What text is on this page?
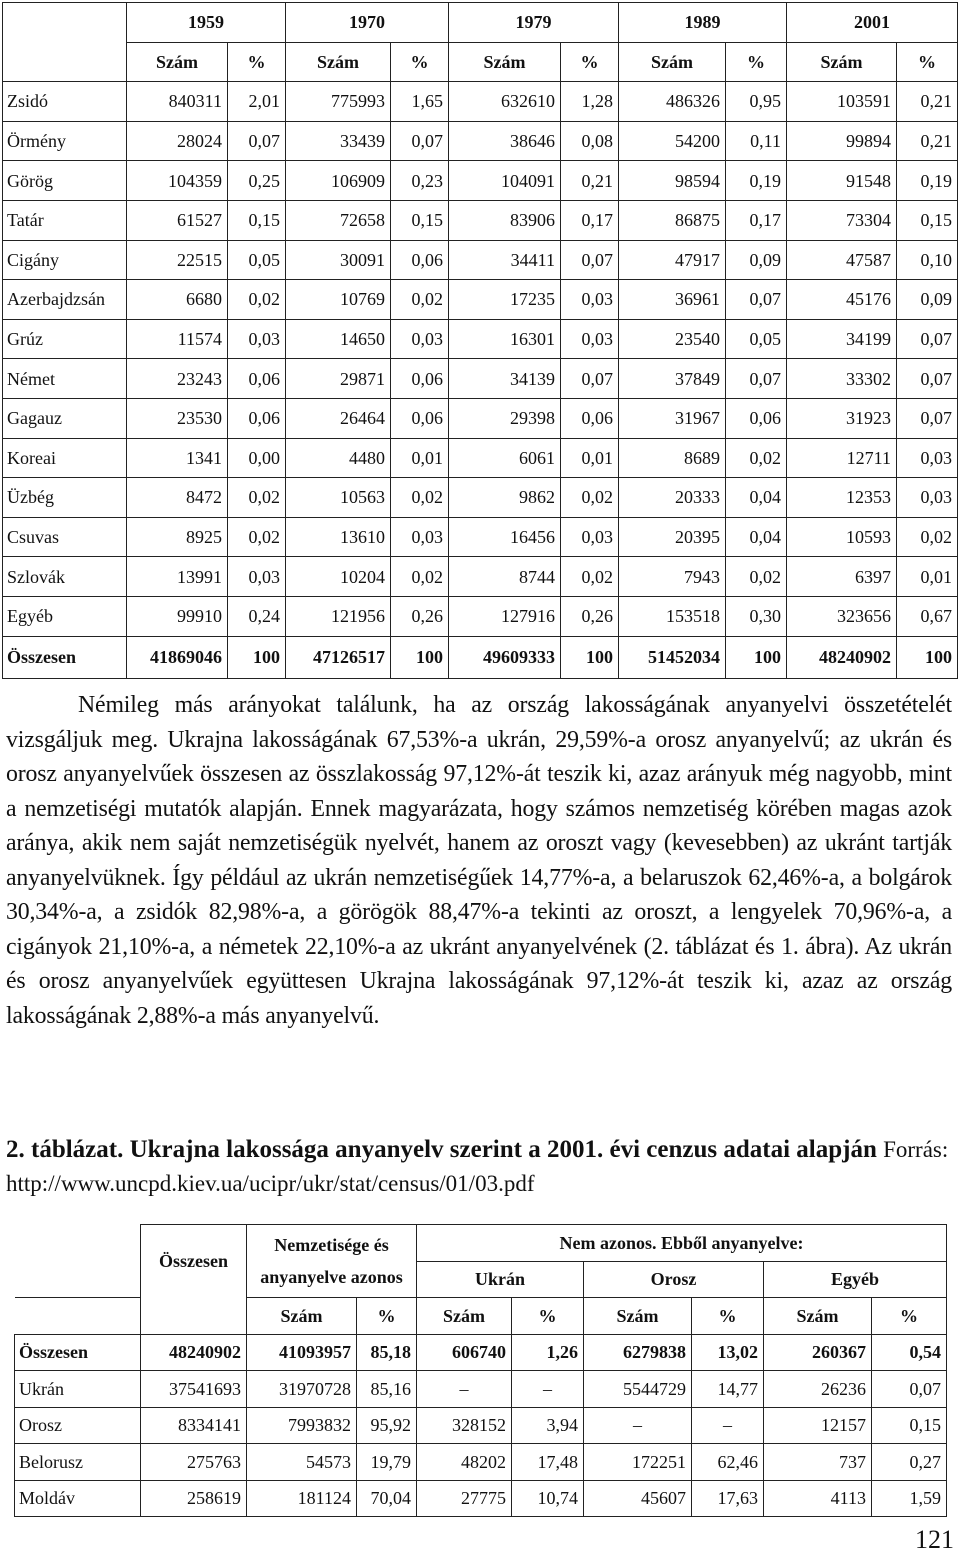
	1959		1970		1979		1989		2001	
	Szám	%	Szám	%	Szám	%	Szám	%	Szám	%
Zsidó	840311	2,01	775993	1,65	632610	1,28	486326	0,95	103591	0,21
Örmény	28024	0,07	33439	0,07	38646	0,08	54200	0,11	99894	0,21
Görög	104359	0,25	106909	0,23	104091	0,21	98594	0,19	91548	0,19
Tatár	61527	0,15	72658	0,15	83906	0,17	86875	0,17	73304	0,15
Cigány	22515	0,05	30091	0,06	34411	0,07	47917	0,09	47587	0,10
Azerbajdzsán	6680	0,02	10769	0,02	17235	0,03	36961	0,07	45176	0,09
Grúz	11574	0,03	14650	0,03	16301	0,03	23540	0,05	34199	0,07
Német	23243	0,06	29871	0,06	34139	0,07	37849	0,07	33302	0,07
Gagauz	23530	0,06	26464	0,06	29398	0,06	31967	0,06	31923	0,07
Koreai	1341	0,00	4480	0,01	6061	0,01	8689	0,02	12711	0,03
Üzbég	8472	0,02	10563	0,02	9862	0,02	20333	0,04	12353	0,03
Csuvas	8925	0,02	13610	0,03	16456	0,03	20395	0,04	10593	0,02
Szlovák	13991	0,03	10204	0,02	8744	0,02	7943	0,02	6397	0,01
Egyéb	99910	0,24	121956	0,26	127916	0,26	153518	0,30	323656	0,67
Összesen	41869046	100	47126517	100	49609333	100	51452034	100	48240902	100

Némileg más arányokat találunk, ha az ország lakosságának anyanyelvi összetételét vizsgáljuk meg. Ukrajna lakosságának 67,53%-a ukrán, 29,59%-a orosz anyanyelvű; az ukrán és orosz anyanyelvűek összesen az összlakosság 97,12%-át teszik ki, azaz arányuk még nagyobb, mint a nemzetiségi mutatók alapján. Ennek magyarázata, hogy számos nemzetiség körében magas azok aránya, akik nem saját nemzetiségük nyelvét, hanem az oroszt vagy (kevesebben) az ukránt tartják anyanyelvüknek. Így például az ukrán nemzetiségűek 14,77%-a, a belaruszok 62,46%-a, a bolgárok 30,34%-a, a zsidók 82,98%-a, a görögök 88,47%-a tekinti az oroszt, a lengyelek 70,96%-a, a cigányok 21,10%-a, a németek 22,10%-a az ukránt anyanyelvének (2. táblázat és 1. ábra). Az ukrán és orosz anyanyelvűek együttesen Ukrajna lakosságának 97,12%-át teszik ki, azaz az ország lakosságának 2,88%-a más anyanyelvű.

2. táblázat. Ukrajna lakossága anyanyelv szerint a 2001. évi cenzus adatai alapján Forrás: http://www.uncpd.kiev.ua/ucipr/ukr/stat/census/01/03.pdf

	Összesen	Nemzetisége és anyanyelve azonos		Nem azonos. Ebből anyanyelve:					
				Ukrán		Orosz		Egyéb	
		Szám	%	Szám	%	Szám	%	Szám	%
Összesen	48240902	41093957	85,18	606740	1,26	6279838	13,02	260367	0,54
Ukrán	37541693	31970728	85,16	–	–	5544729	14,77	26236	0,07
Orosz	8334141	7993832	95,92	328152	3,94	–	–	12157	0,15
Belorusz	275763	54573	19,79	48202	17,48	172251	62,46	737	0,27
Moldáv	258619	181124	70,04	27775	10,74	45607	17,63	4113	1,59
121
